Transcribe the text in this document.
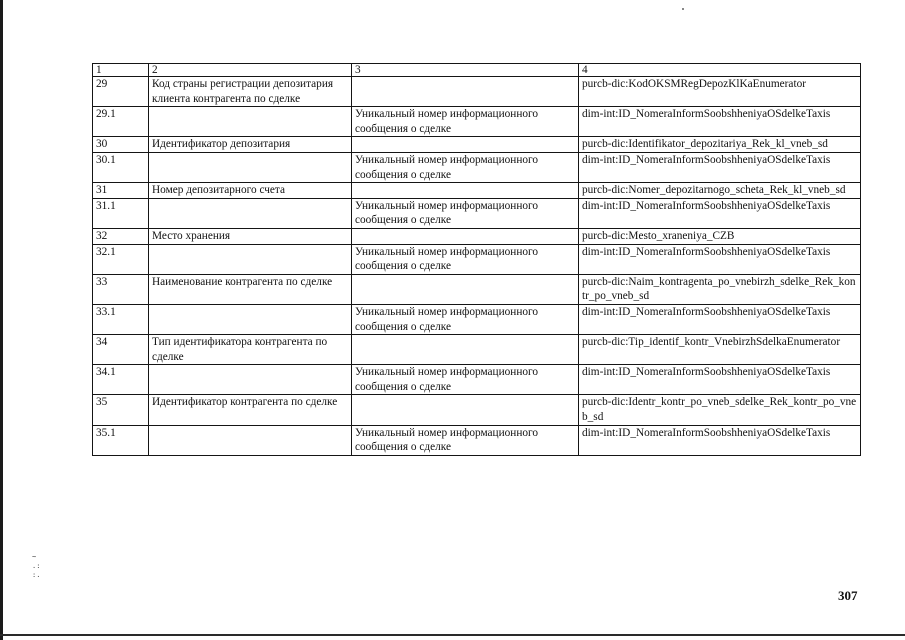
~
.:
:.
1	2	3	4
29	Код страны регистрации депозитария клиента контрагента по сделке		purcb-dic:KodOKSMRegDepozKlKaEnumerator
29.1		Уникальный номер информационного сообщения о сделке	dim-int:ID_NomeraInformSoobshheniyaOSdelkeTaxis
30	Идентификатор депозитария		purcb-dic:Identifikator_depozitariya_Rek_kl_vneb_sd
30.1		Уникальный номер информационного сообщения о сделке	dim-int:ID_NomeraInformSoobshheniyaOSdelkeTaxis
31	Номер депозитарного счета		purcb-dic:Nomer_depozitarnogo_scheta_Rek_kl_vneb_sd
31.1		Уникальный номер информационного сообщения о сделке	dim-int:ID_NomeraInformSoobshheniyaOSdelkeTaxis
32	Место хранения		purcb-dic:Mesto_xraneniya_CZB
32.1		Уникальный номер информационного сообщения о сделке	dim-int:ID_NomeraInformSoobshheniyaOSdelkeTaxis
33	Наименование контрагента по сделке		purcb-dic:Naim_kontragenta_po_vnebirzh_sdelke_Rek_kontr_po_vneb_sd
33.1		Уникальный номер информационного сообщения о сделке	dim-int:ID_NomeraInformSoobshheniyaOSdelkeTaxis
34	Тип идентификатора контрагента по сделке		purcb-dic:Tip_identif_kontr_VnebirzhSdelkaEnumerator
34.1		Уникальный номер информационного сообщения о сделке	dim-int:ID_NomeraInformSoobshheniyaOSdelkeTaxis
35	Идентификатор контрагента по сделке		purcb-dic:Identr_kontr_po_vneb_sdelke_Rek_kontr_po_vneb_sd
35.1		Уникальный номер информационного сообщения о сделке	dim-int:ID_NomeraInformSoobshheniyaOSdelkeTaxis
307
